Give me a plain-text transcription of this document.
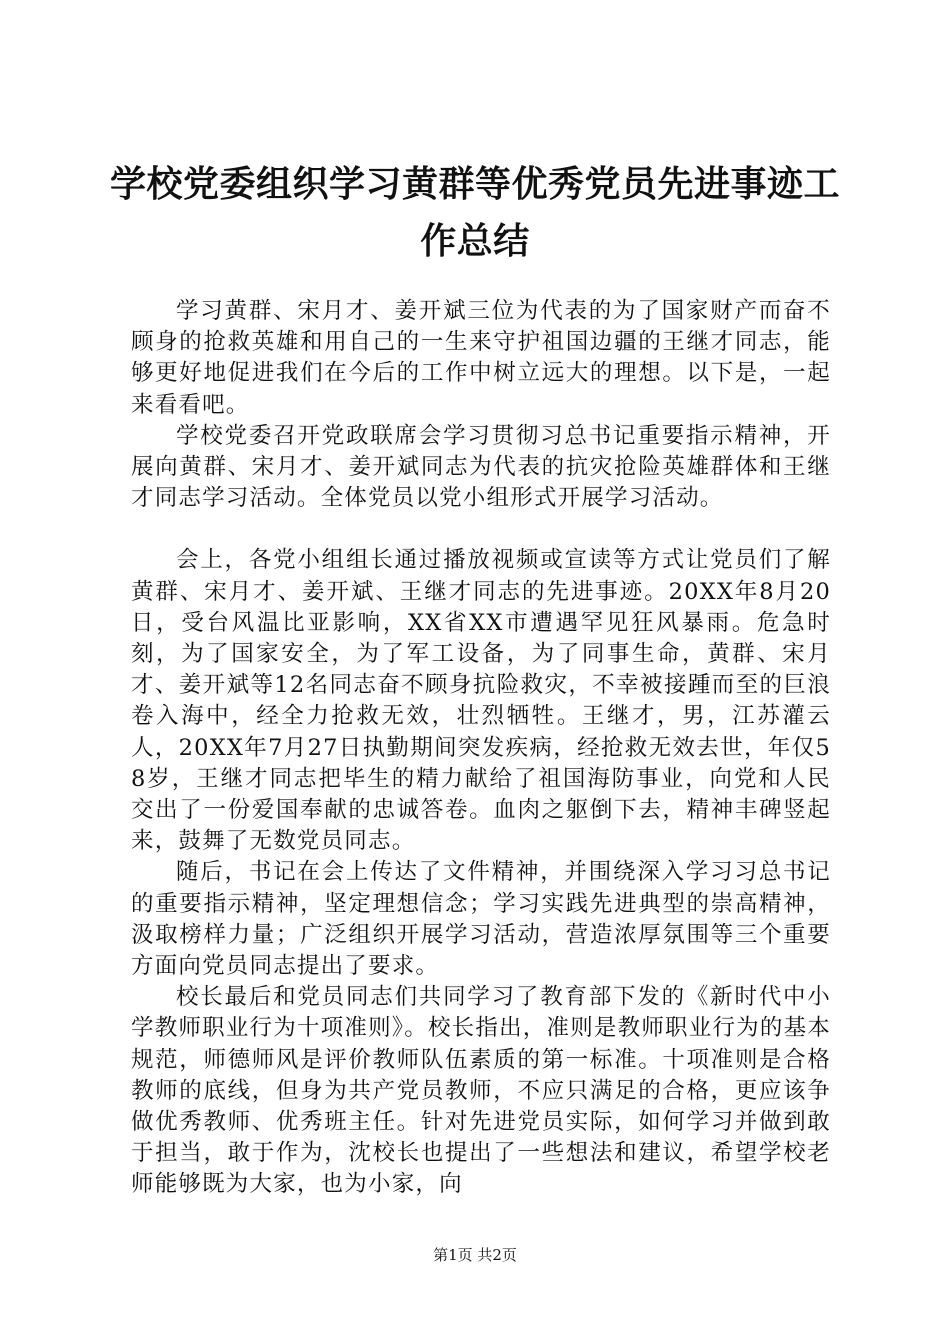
学校党委组织学习黄群等优秀党员先进事迹工
作总结

学习黄群、宋月才、姜开斌三位为代表的为了国家财产而奋不顾身的抢救英雄和用自己的一生来守护祖国边疆的王继才同志，能够更好地促进我们在今后的工作中树立远大的理想。以下是，一起来看看吧。

学校党委召开党政联席会学习贯彻习总书记重要指示精神，开展向黄群、宋月才、姜开斌同志为代表的抗灾抢险英雄群体和王继才同志学习活动。全体党员以党小组形式开展学习活动。

会上，各党小组组长通过播放视频或宣读等方式让党员们了解黄群、宋月才、姜开斌、王继才同志的先进事迹。20XX年8月20日，受台风温比亚影响，XX省XX市遭遇罕见狂风暴雨。危急时刻，为了国家安全，为了军工设备，为了同事生命，黄群、宋月才、姜开斌等12名同志奋不顾身抗险救灾，不幸被接踵而至的巨浪卷入海中，经全力抢救无效，壮烈牺牲。王继才，男，江苏灌云人，20XX年7月27日执勤期间突发疾病，经抢救无效去世，年仅58岁，王继才同志把毕生的精力献给了祖国海防事业，向党和人民交出了一份爱国奉献的忠诚答卷。血肉之躯倒下去，精神丰碑竖起来，鼓舞了无数党员同志。

随后，书记在会上传达了文件精神，并围绕深入学习习总书记的重要指示精神，坚定理想信念；学习实践先进典型的崇高精神，汲取榜样力量；广泛组织开展学习活动，营造浓厚氛围等三个重要方面向党员同志提出了要求。

校长最后和党员同志们共同学习了教育部下发的《新时代中小学教师职业行为十项准则》。校长指出，准则是教师职业行为的基本规范，师德师风是评价教师队伍素质的第一标准。十项准则是合格教师的底线，但身为共产党员教师，不应只满足的合格，更应该争做优秀教师、优秀班主任。针对先进党员实际，如何学习并做到敢于担当，敢于作为，沈校长也提出了一些想法和建议，希望学校老师能够既为大家，也为小家，向

第1页 共2页
